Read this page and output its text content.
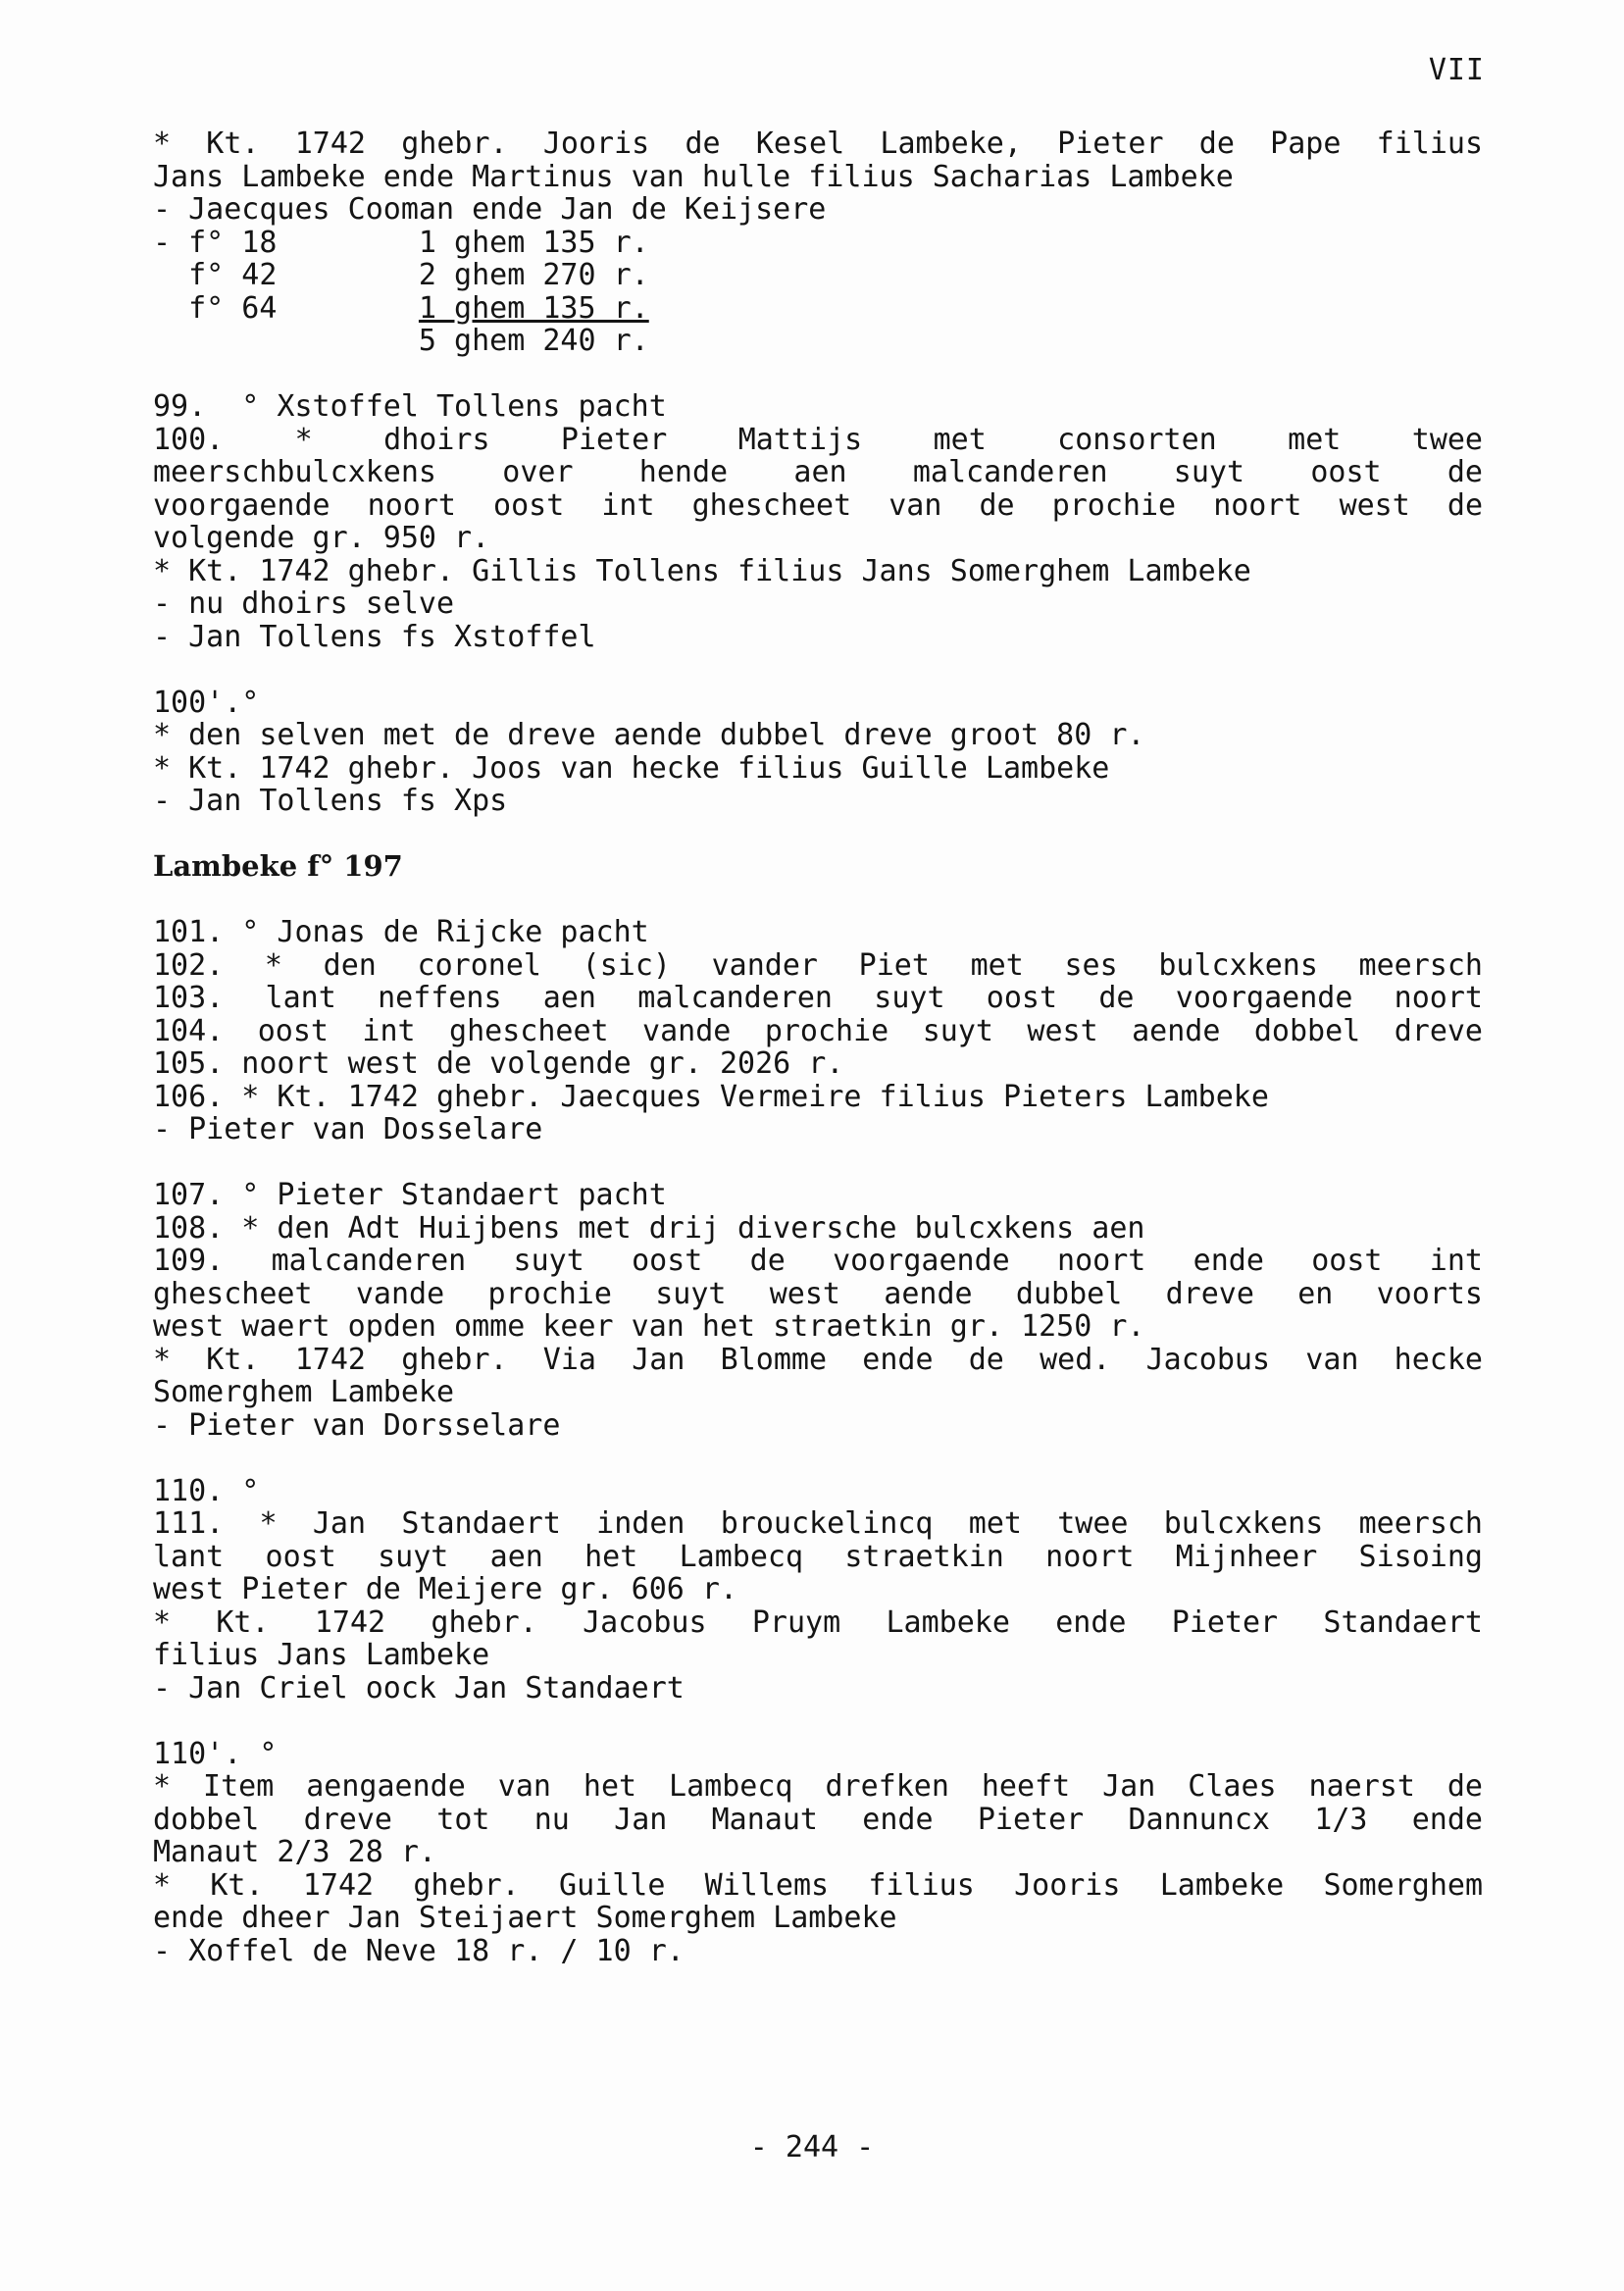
VII
* Kt. 1742 ghebr. Jooris de Kesel Lambeke, Pieter de Pape filius
Jans Lambeke ende Martinus van hulle filius Sacharias Lambeke
- Jaecques Cooman ende Jan de Keijsere
- f° 18        1 ghem 135 r.
f° 42        2 ghem 270 r.
f° 64        1 ghem 135 r.
5 ghem 240 r.
99.  ° Xstoffel Tollens pacht
100. * dhoirs Pieter Mattijs met consorten met twee
meerschbulcxkens over hende aen malcanderen suyt oost de
voorgaende noort oost int ghescheet van de prochie noort west de
volgende gr. 950 r.
* Kt. 1742 ghebr. Gillis Tollens filius Jans Somerghem Lambeke
- nu dhoirs selve
- Jan Tollens fs Xstoffel
100'.°
* den selven met de dreve aende dubbel dreve groot 80 r.
* Kt. 1742 ghebr. Joos van hecke filius Guille Lambeke
- Jan Tollens fs Xps
Lambeke f° 197
101. ° Jonas de Rijcke pacht
102. * den coronel (sic) vander Piet met ses bulcxkens meersch
103. lant neffens aen malcanderen suyt oost de voorgaende noort
104. oost int ghescheet vande prochie suyt west aende dobbel dreve
105. noort west de volgende gr. 2026 r.
106. * Kt. 1742 ghebr. Jaecques Vermeire filius Pieters Lambeke
- Pieter van Dosselare
107. ° Pieter Standaert pacht
108. * den Adt Huijbens met drij diversche bulcxkens aen
109. malcanderen suyt oost de voorgaende noort ende oost int
ghescheet vande prochie suyt west aende dubbel dreve en voorts
west waert opden omme keer van het straetkin gr. 1250 r.
* Kt. 1742 ghebr. Via Jan Blomme ende de wed. Jacobus van hecke
Somerghem Lambeke
- Pieter van Dorsselare
110. °
111. * Jan Standaert inden brouckelincq met twee bulcxkens meersch
lant oost suyt aen het Lambecq straetkin noort Mijnheer Sisoing
west Pieter de Meijere gr. 606 r.
* Kt. 1742 ghebr. Jacobus Pruym Lambeke ende Pieter Standaert
filius Jans Lambeke
- Jan Criel oock Jan Standaert
110'. °
* Item aengaende van het Lambecq drefken heeft Jan Claes naerst de
dobbel dreve tot nu Jan Manaut ende Pieter Dannuncx 1/3 ende
Manaut 2/3 28 r.
* Kt. 1742 ghebr. Guille Willems filius Jooris Lambeke Somerghem
ende dheer Jan Steijaert Somerghem Lambeke
- Xoffel de Neve 18 r. / 10 r.
- 244 -
